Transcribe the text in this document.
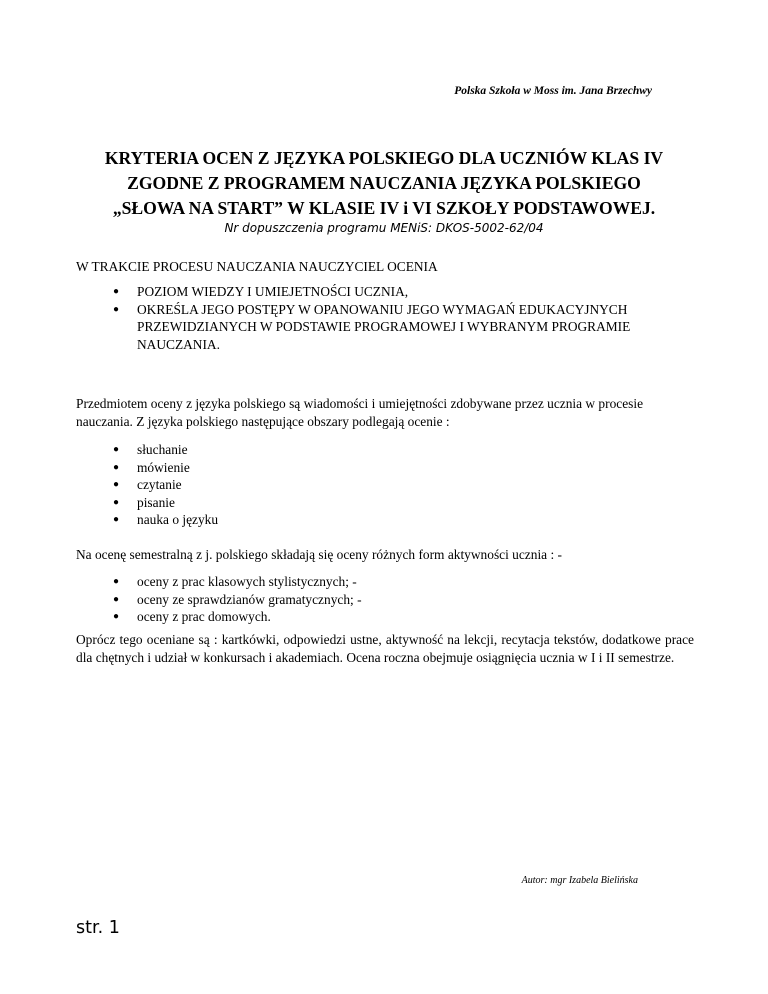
Polska Szkoła w Moss im. Jana Brzechwy
KRYTERIA OCEN Z JĘZYKA POLSKIEGO DLA UCZNIÓW KLAS IV
ZGODNE Z PROGRAMEM NAUCZANIA JĘZYKA POLSKIEGO
„SŁOWA NA START” W KLASIE IV i VI SZKOŁY PODSTAWOWEJ.
Nr dopuszczenia programu MENiS: DKOS-5002-62/04
W TRAKCIE PROCESU NAUCZANIA NAUCZYCIEL OCENIA
● POZIOM WIEDZY I UMIEJETNOŚCI UCZNIA,
● OKREŚLA JEGO POSTĘPY W OPANOWANIU JEGO WYMAGAŃ EDUKACYJNYCH PRZEWIDZIANYCH W PODSTAWIE PROGRAMOWEJ I WYBRANYM PROGRAMIE NAUCZANIA.
Przedmiotem oceny z języka polskiego są wiadomości i umiejętności zdobywane przez ucznia w procesie nauczania. Z języka polskiego następujące obszary podlegają ocenie :
● słuchanie
● mówienie
● czytanie
● pisanie
● nauka o języku
Na ocenę semestralną z j. polskiego składają się oceny różnych form aktywności ucznia : -
● oceny z prac klasowych stylistycznych; -
● oceny ze sprawdzianów gramatycznych; -
● oceny z prac domowych.
Oprócz tego oceniane są : kartkówki, odpowiedzi ustne, aktywność na lekcji, recytacja tekstów, dodatkowe prace dla chętnych i udział w konkursach i akademiach. Ocena roczna obejmuje osiągnięcia ucznia w I i II semestrze.
Autor: mgr Izabela Bielińska
str. 1
